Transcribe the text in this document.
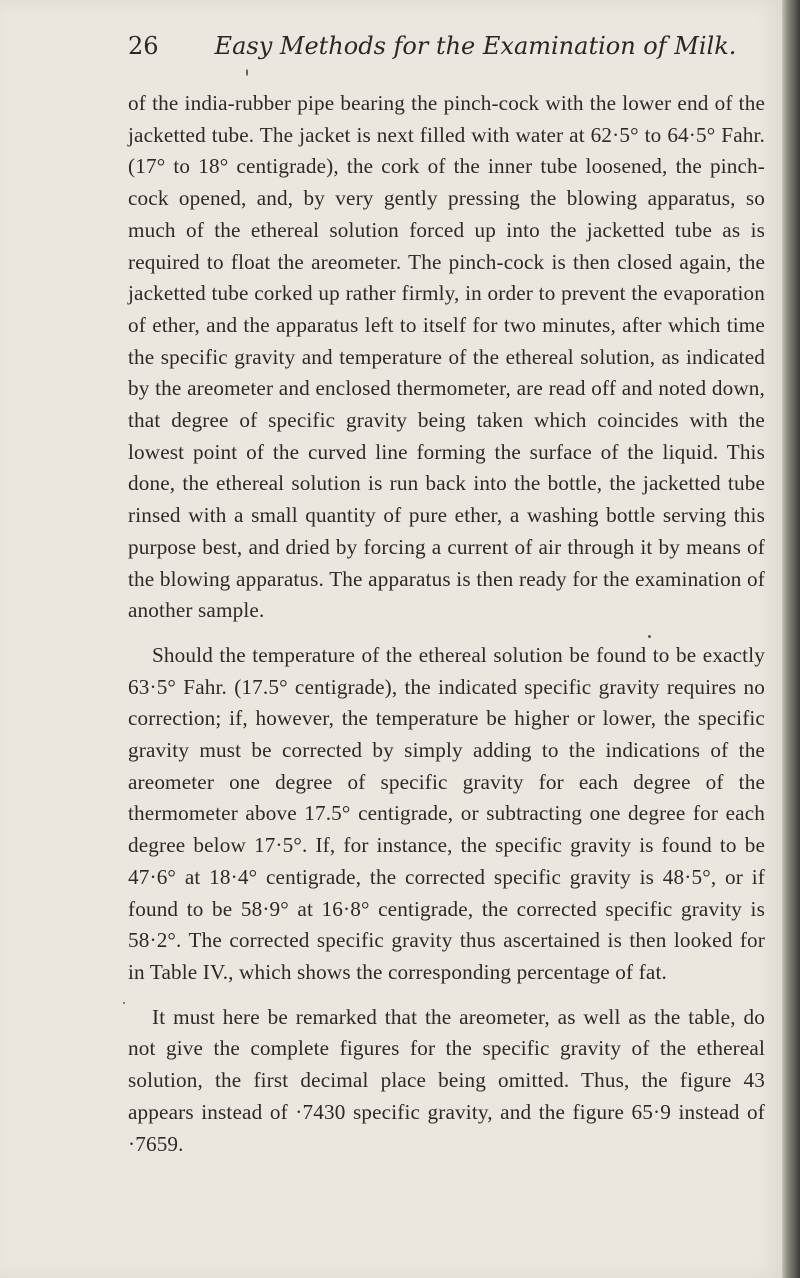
26 Easy Methods for the Examination of Milk.

of the india-rubber pipe bearing the pinch-cock with the lower end of the jacketted tube. The jacket is next filled with water at 62·5° to 64·5° Fahr. (17° to 18° centigrade), the cork of the inner tube loosened, the pinch-cock opened, and, by very gently pressing the blowing apparatus, so much of the ethereal solution forced up into the jacketted tube as is required to float the areometer. The pinch-cock is then closed again, the jacketted tube corked up rather firmly, in order to prevent the evaporation of ether, and the apparatus left to itself for two minutes, after which time the specific gravity and temperature of the ethereal solution, as indicated by the areometer and enclosed thermometer, are read off and noted down, that degree of specific gravity being taken which coincides with the lowest point of the curved line forming the surface of the liquid. This done, the ethereal solution is run back into the bottle, the jacketted tube rinsed with a small quantity of pure ether, a washing bottle serving this purpose best, and dried by forcing a current of air through it by means of the blowing apparatus. The apparatus is then ready for the examination of another sample.

Should the temperature of the ethereal solution be found to be exactly 63·5° Fahr. (17.5° centigrade), the indicated specific gravity requires no correction; if, however, the temperature be higher or lower, the specific gravity must be corrected by simply adding to the indications of the areometer one degree of specific gravity for each degree of the thermometer above 17.5° centigrade, or subtracting one degree for each degree below 17·5°. If, for instance, the specific gravity is found to be 47·6° at 18·4° centigrade, the corrected specific gravity is 48·5°, or if found to be 58·9° at 16·8° centigrade, the corrected specific gravity is 58·2°. The corrected specific gravity thus ascertained is then looked for in Table IV., which shows the corresponding percentage of fat.

It must here be remarked that the areometer, as well as the table, do not give the complete figures for the specific gravity of the ethereal solution, the first decimal place being omitted. Thus, the figure 43 appears instead of ·7430 specific gravity, and the figure 65·9 instead of ·7659.
